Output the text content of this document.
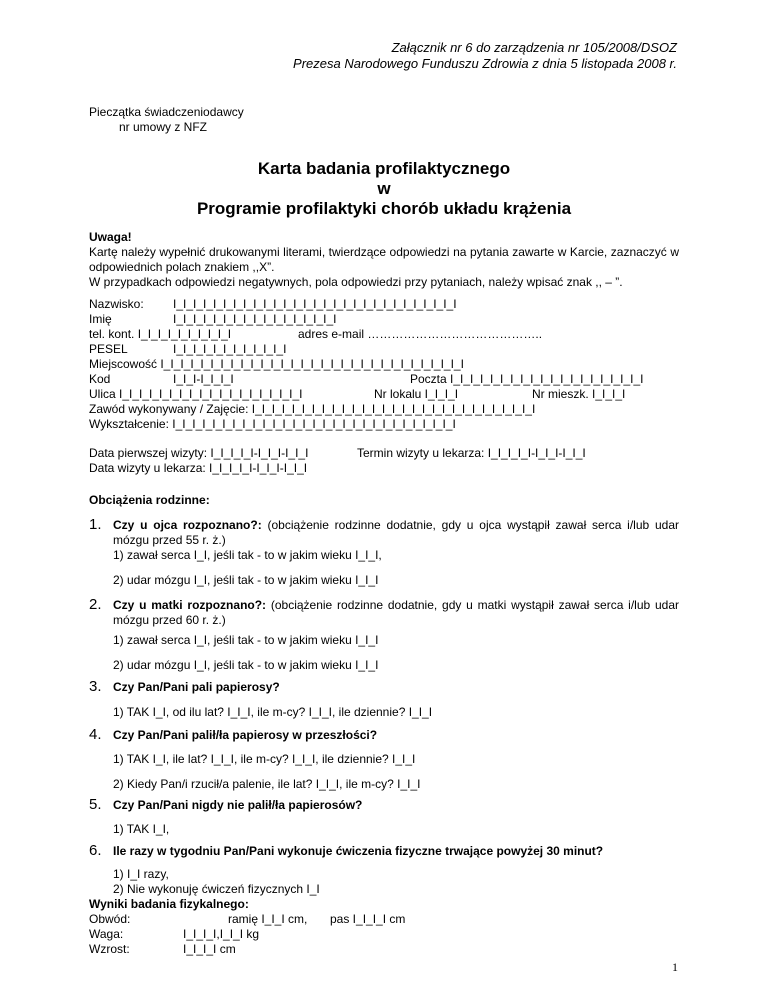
Załącznik nr 6 do zarządzenia nr 105/2008/DSOZ
Prezesa Narodowego Funduszu Zdrowia z dnia 5 listopada 2008 r.
Pieczątka świadczeniodawcy
nr umowy z NFZ
Karta badania profilaktycznego
w
Programie profilaktyki chorób układu krążenia
Uwaga!
Kartę należy wypełnić drukowanymi literami, twierdzące odpowiedzi na pytania zawarte w Karcie, zaznaczyć w odpowiednich polach znakiem ,,X”.
W przypadkach odpowiedzi negatywnych, pola odpowiedzi przy pytaniach, należy wpisać znak ,, – ”.
Nazwisko: I_I_I_I_I_I_I_I_I_I_I_I_I_I_I_I_I_I_I_I_I_I_I_I_I_I_I_I_I
Imię	I_I_I_I_I_I_I_I_I_I_I_I_I_I_I_I_I
tel. kont. I_I_I_I_I_I_I_I_I_I	adres e-mail ……………………………………..
PESEL	I_I_I_I_I_I_I_I_I_I_I_I
Miejscowość I_I_I_I_I_I_I_I_I_I_I_I_I_I_I_I_I_I_I_I_I_I_I_I_I_I_I_I_I_I_I
Kod	I_I_I-I_I_I_I	Poczta I_I_I_I_I_I_I_I_I_I_I_I_I_I_I_I_I_I_I_I
Ulica I_I_I_I_I_I_I_I_I_I_I_I_I_I_I_I_I_I_I	Nr lokalu I_I_I_I	Nr mieszk. I_I_I_I
Zawód wykonywany / Zajęcie: I_I_I_I_I_I_I_I_I_I_I_I_I_I_I_I_I_I_I_I_I_I_I_I_I_I_I_I_I
Wykształcenie: I_I_I_I_I_I_I_I_I_I_I_I_I_I_I_I_I_I_I_I_I_I_I_I_I_I_I_I_I
Data pierwszej wizyty: I_I_I_I_I-I_I_I-I_I_I	Termin wizyty u lekarza: I_I_I_I_I-I_I_I-I_I_I
Data wizyty u lekarza: I_I_I_I_I-I_I_I-I_I_I
Obciążenia rodzinne:
1. Czy u ojca rozpoznano?: (obciążenie rodzinne dodatnie, gdy u ojca wystąpił zawał serca i/lub udar mózgu przed 55 r. ż.)
1) zawał serca I_I, jeśli tak - to w jakim wieku I_I_I,
2) udar mózgu I_I, jeśli tak - to w jakim wieku I_I_I
2. Czy u matki rozpoznano?: (obciążenie rodzinne dodatnie, gdy u matki wystąpił zawał serca i/lub udar mózgu przed 60 r. ż.)
1) zawał serca I_I, jeśli tak - to w jakim wieku I_I_I
2) udar mózgu I_I, jeśli tak - to w jakim wieku I_I_I
3. Czy Pan/Pani pali papierosy?
1) TAK I_I, od ilu lat? I_I_I, ile m-cy? I_I_I, ile dziennie? I_I_I
4. Czy Pan/Pani palił/ła papierosy w przeszłości?
1) TAK I_I, ile lat? I_I_I, ile m-cy? I_I_I, ile dziennie? I_I_I
2) Kiedy Pan/i rzucił/a palenie, ile lat? I_I_I, ile m-cy? I_I_I
5. Czy Pan/Pani nigdy nie palił/ła papierosów?
1) TAK I_I,
6. Ile razy w tygodniu Pan/Pani wykonuje ćwiczenia fizyczne trwające powyżej 30 minut?
1) I_I razy,
2) Nie wykonuję ćwiczeń fizycznych I_I
Wyniki badania fizykalnego:
Obwód:	ramię I_I_I cm, pas I_I_I_I cm
Waga:	I_I_I_I,I_I_I kg
Wzrost:	I_I_I_I cm
1
